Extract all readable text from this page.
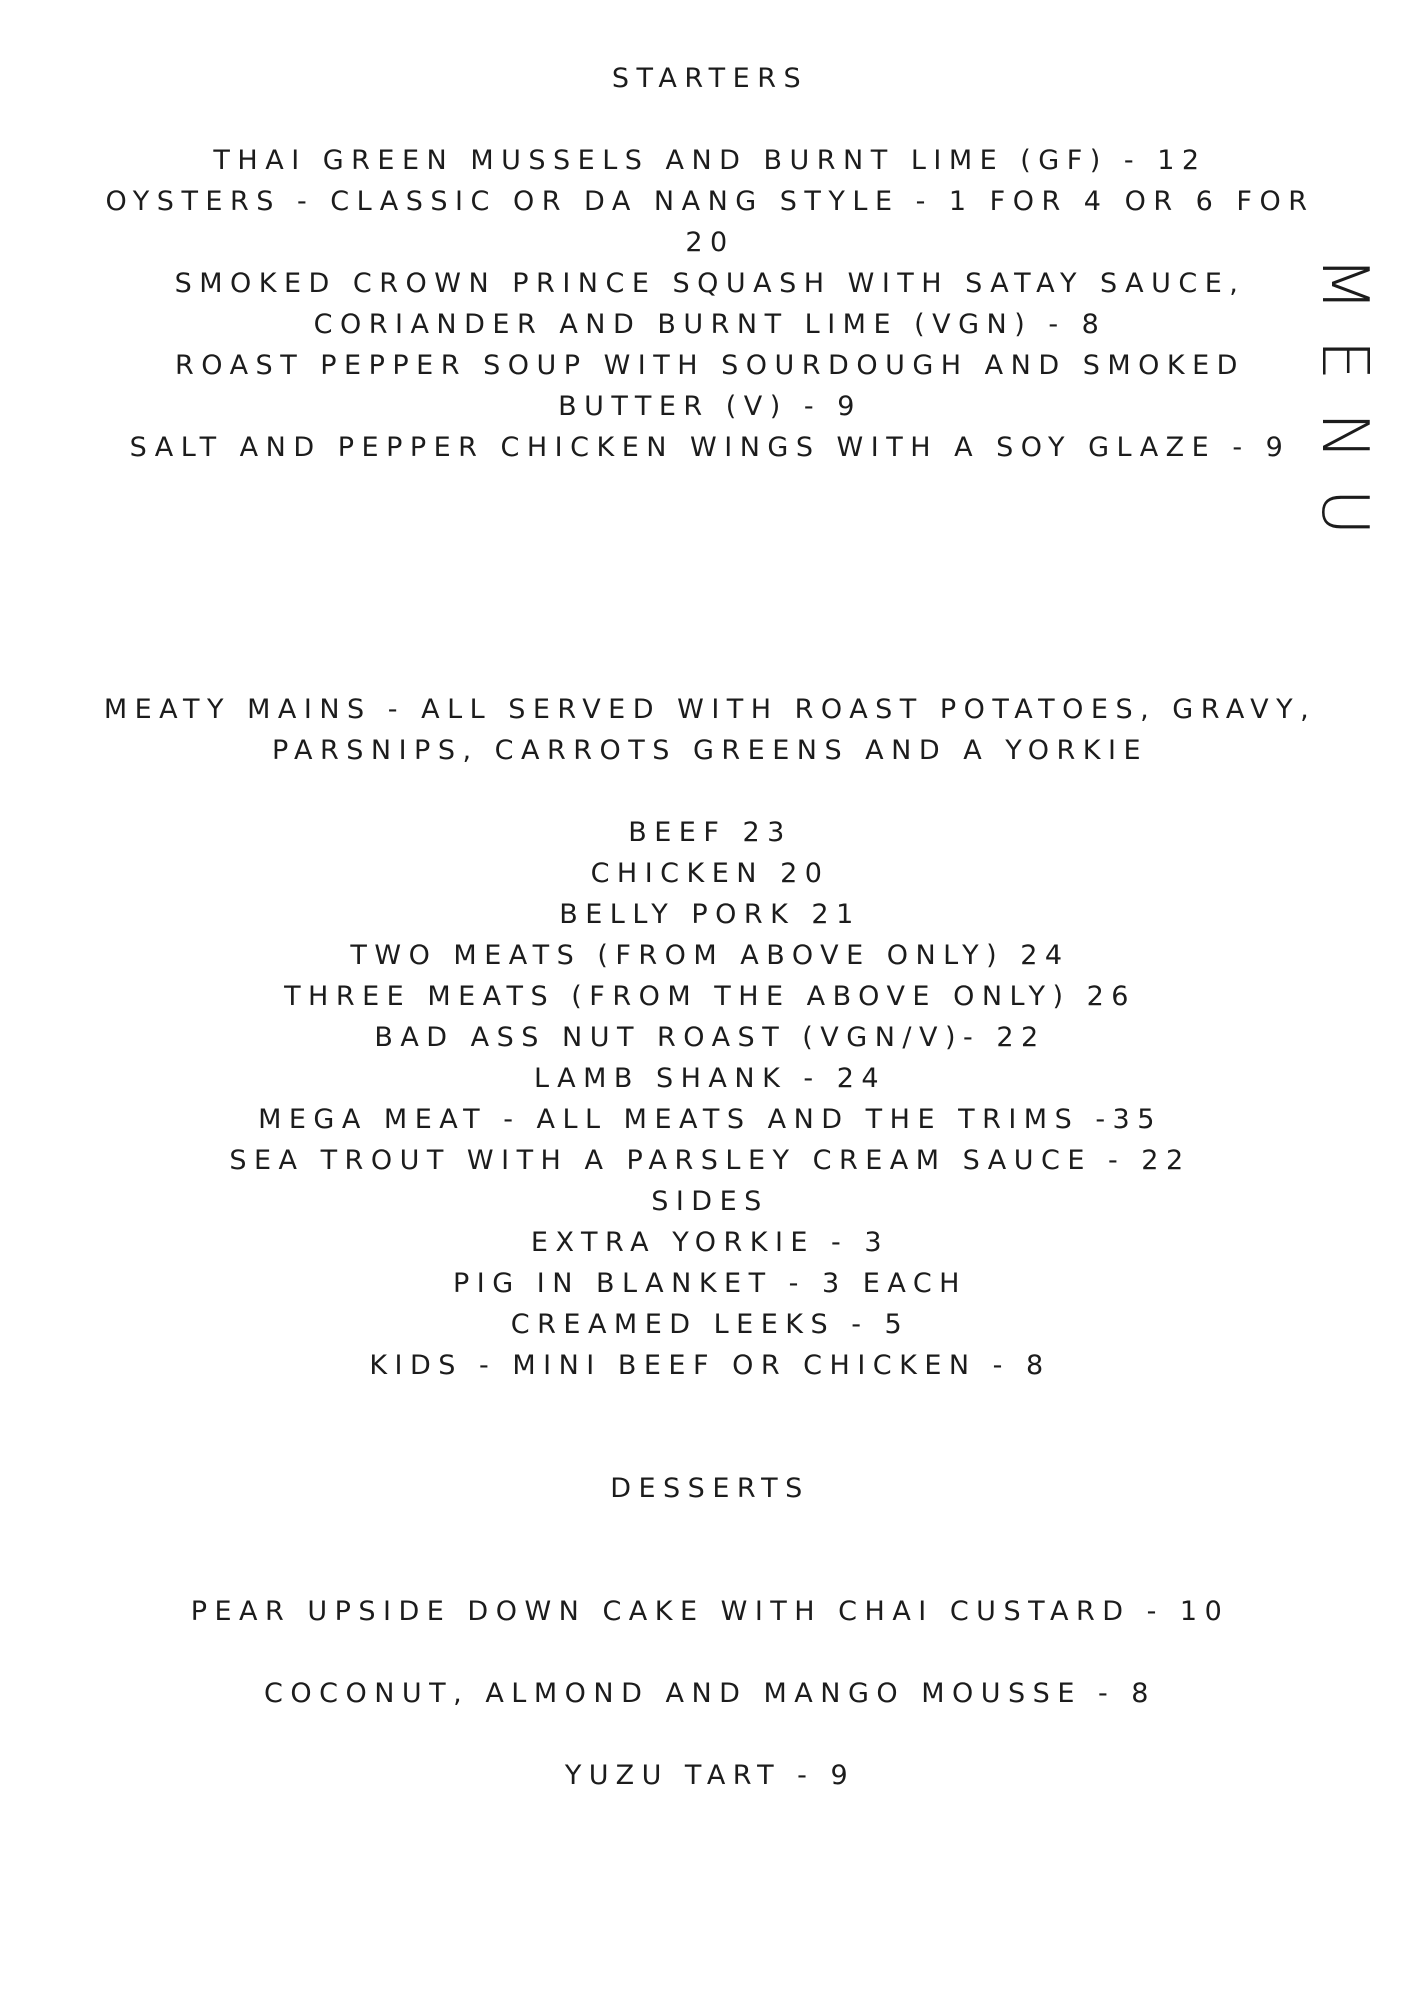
M
E
N
U

STARTERS

THAI GREEN MUSSELS AND BURNT LIME (GF) - 12

OYSTERS - CLASSIC OR DA NANG STYLE - 1 FOR 4 OR 6 FOR 20

SMOKED CROWN PRINCE SQUASH WITH SATAY SAUCE, CORIANDER AND BURNT LIME (VGN) - 8

ROAST PEPPER SOUP WITH SOURDOUGH AND SMOKED BUTTER (V) - 9

SALT AND PEPPER CHICKEN WINGS WITH A SOY GLAZE - 9

MEATY MAINS - ALL SERVED WITH ROAST POTATOES, GRAVY, PARSNIPS, CARROTS GREENS AND A YORKIE

BEEF 23

CHICKEN 20

BELLY PORK 21

TWO MEATS (FROM ABOVE ONLY) 24

THREE MEATS (FROM THE ABOVE ONLY) 26

BAD ASS NUT ROAST (VGN/V)- 22

LAMB SHANK - 24

MEGA MEAT - ALL MEATS AND THE TRIMS -35

SEA TROUT WITH A PARSLEY CREAM SAUCE - 22

SIDES

EXTRA YORKIE - 3

PIG IN BLANKET - 3 EACH

CREAMED LEEKS - 5

KIDS - MINI BEEF OR CHICKEN - 8

DESSERTS

PEAR UPSIDE DOWN CAKE WITH CHAI CUSTARD - 10

COCONUT, ALMOND AND MANGO MOUSSE - 8

YUZU TART - 9
